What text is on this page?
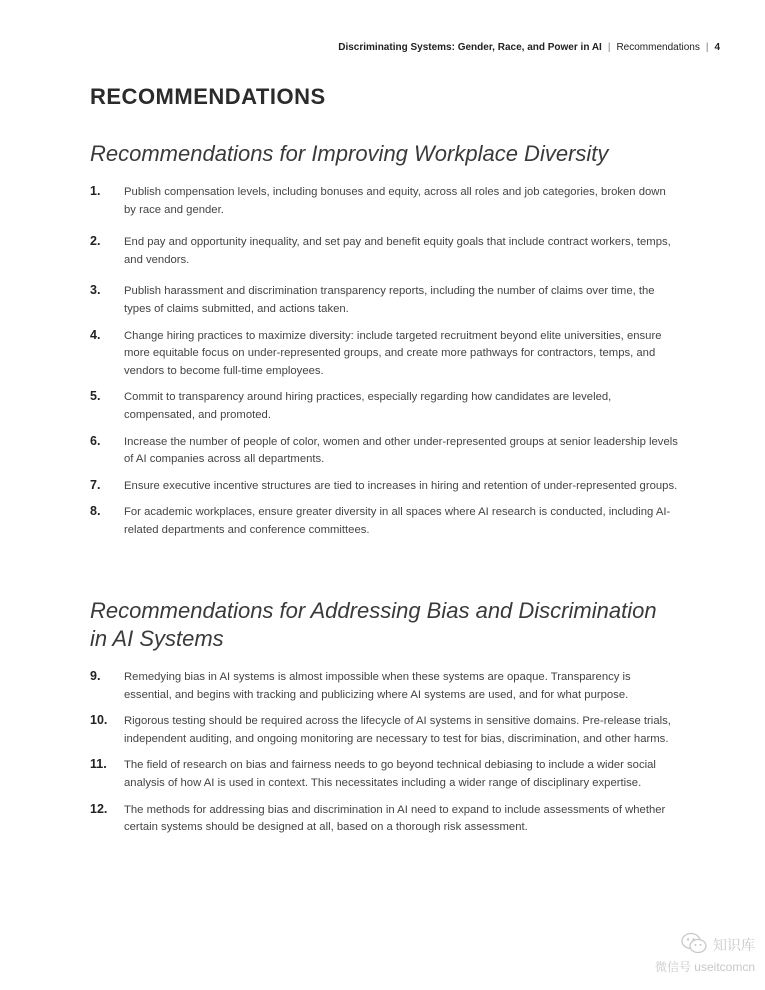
Discriminating Systems: Gender, Race, and Power in AI | Recommendations | 4
RECOMMENDATIONS
Recommendations for Improving Workplace Diversity
1. Publish compensation levels, including bonuses and equity, across all roles and job categories, broken down by race and gender.
2. End pay and opportunity inequality, and set pay and benefit equity goals that include contract workers, temps, and vendors.
3. Publish harassment and discrimination transparency reports, including the number of claims over time, the types of claims submitted, and actions taken.
4. Change hiring practices to maximize diversity: include targeted recruitment beyond elite universities, ensure more equitable focus on under-represented groups, and create more pathways for contractors, temps, and vendors to become full-time employees.
5. Commit to transparency around hiring practices, especially regarding how candidates are leveled, compensated, and promoted.
6. Increase the number of people of color, women and other under-represented groups at senior leadership levels of AI companies across all departments.
7. Ensure executive incentive structures are tied to increases in hiring and retention of under-represented groups.
8. For academic workplaces, ensure greater diversity in all spaces where AI research is conducted, including AI-related departments and conference committees.
Recommendations for Addressing Bias and Discrimination in AI Systems
9. Remedying bias in AI systems is almost impossible when these systems are opaque. Transparency is essential, and begins with tracking and publicizing where AI systems are used, and for what purpose.
10. Rigorous testing should be required across the lifecycle of AI systems in sensitive domains. Pre-release trials, independent auditing, and ongoing monitoring are necessary to test for bias, discrimination, and other harms.
11. The field of research on bias and fairness needs to go beyond technical debiasing to include a wider social analysis of how AI is used in context. This necessitates including a wider range of disciplinary expertise.
12. The methods for addressing bias and discrimination in AI need to expand to include assessments of whether certain systems should be designed at all, based on a thorough risk assessment.
知识库
微信号 useitcomcn
